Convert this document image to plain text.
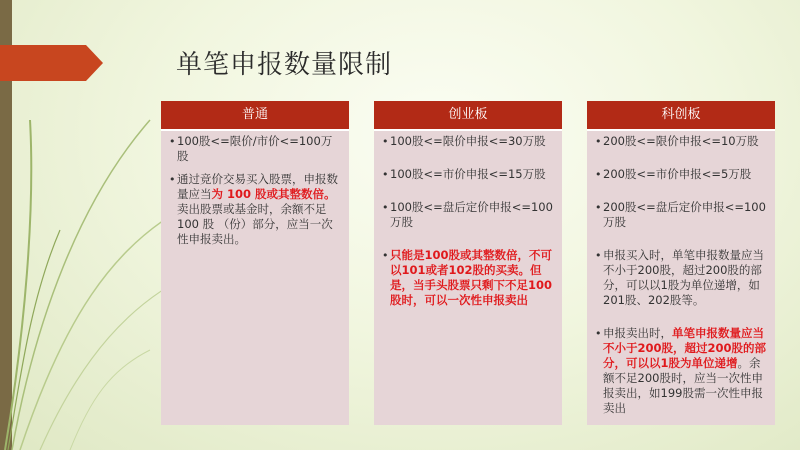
单笔申报数量限制
普通
• 100股<=限价/市价<=100万股
• 通过竞价交易买入股票，申报数量应当为 100 股或其整数倍。卖出股票或基金时，余额不足 100 股 （份）部分，应当一次性申报卖出。
创业板
• 100股<=限价申报<=30万股
• 100股<=市价申报<=15万股
• 100股<=盘后定价申报<=100万股
• 只能是100股或其整数倍，不可以101或者102股的买卖。但是，当手头股票只剩下不足100股时，可以一次性申报卖出
科创板
• 200股<=限价申报<=10万股
• 200股<=市价申报<=5万股
• 200股<=盘后定价申报<=100万股
• 申报买入时，单笔申报数量应当不小于200股，超过200股的部分，可以以1股为单位递增，如201股、202股等。
• 申报卖出时，单笔申报数量应当不小于200股，超过200股的部分，可以以1股为单位递增。余额不足200股时，应当一次性申报卖出，如199股需一次性申报卖出
